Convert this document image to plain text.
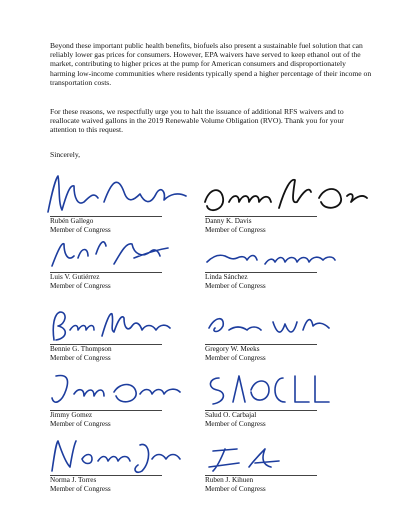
Beyond these important public health benefits, biofuels also present a sustainable fuel solution that can reliably lower gas prices for consumers. However, EPA waivers have served to keep ethanol out of the market, contributing to higher prices at the pump for American consumers and disproportionately harming low-income communities where residents typically spend a higher percentage of their income on transportation costs.

For these reasons, we respectfully urge you to halt the issuance of additional RFS waivers and to reallocate waived gallons in the 2019 Renewable Volume Obligation (RVO). Thank you for your attention to this request.

Sincerely,
Rubén Gallego
Member of Congress
Danny K. Davis
Member of Congress
Luis V. Gutiérrez
Member of Congress
Linda Sánchez
Member of Congress
Bennie G. Thompson
Member of Congress
Gregory W. Meeks
Member of Congress
Jimmy Gomez
Member of Congress
Salud O. Carbajal
Member of Congress
Norma J. Torres
Member of Congress
Ruben J. Kihuen
Member of Congress
